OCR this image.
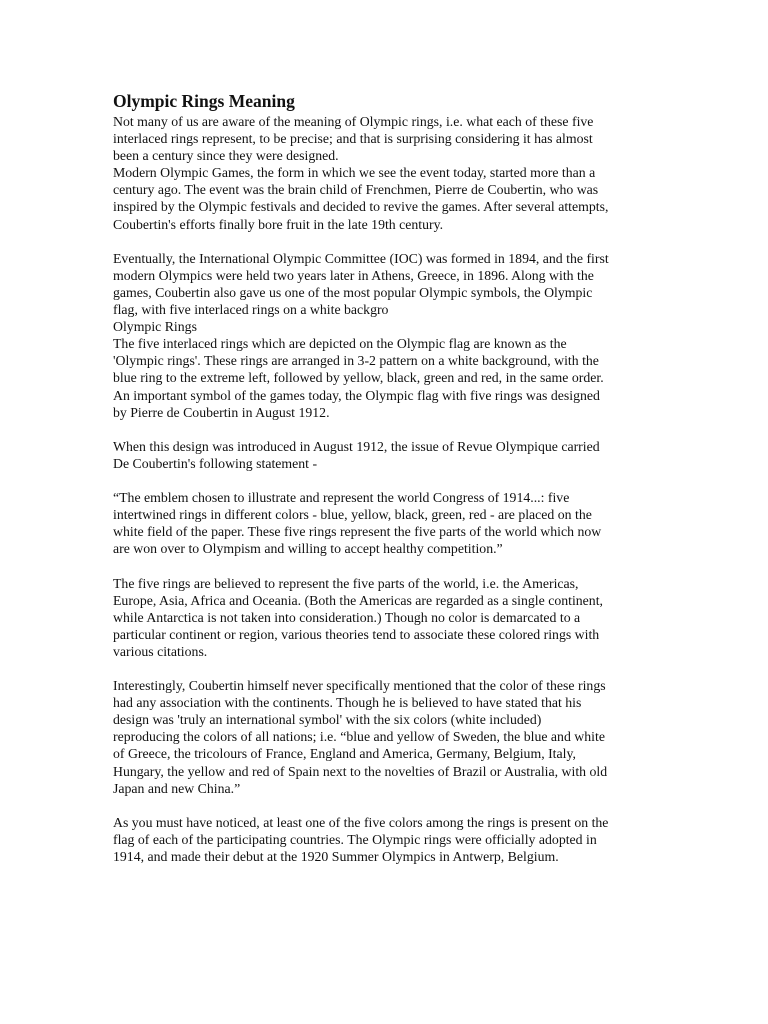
Olympic Rings Meaning

Not many of us are aware of the meaning of Olympic rings, i.e. what each of these five
interlaced rings represent, to be precise; and that is surprising considering it has almost
been a century since they were designed.

Modern Olympic Games, the form in which we see the event today, started more than a
century ago. The event was the brain child of Frenchmen, Pierre de Coubertin, who was
inspired by the Olympic festivals and decided to revive the games. After several attempts,
Coubertin's efforts finally bore fruit in the late 19th century.

Eventually, the International Olympic Committee (IOC) was formed in 1894, and the first
modern Olympics were held two years later in Athens, Greece, in 1896. Along with the
games, Coubertin also gave us one of the most popular Olympic symbols, the Olympic
flag, with five interlaced rings on a white backgro

Olympic Rings

The five interlaced rings which are depicted on the Olympic flag are known as the
'Olympic rings'. These rings are arranged in 3-2 pattern on a white background, with the
blue ring to the extreme left, followed by yellow, black, green and red, in the same order.
An important symbol of the games today, the Olympic flag with five rings was designed
by Pierre de Coubertin in August 1912.

When this design was introduced in August 1912, the issue of Revue Olympique carried
De Coubertin's following statement -

“The emblem chosen to illustrate and represent the world Congress of 1914...: five
intertwined rings in different colors - blue, yellow, black, green, red - are placed on the
white field of the paper. These five rings represent the five parts of the world which now
are won over to Olympism and willing to accept healthy competition.”

The five rings are believed to represent the five parts of the world, i.e. the Americas,
Europe, Asia, Africa and Oceania. (Both the Americas are regarded as a single continent,
while Antarctica is not taken into consideration.) Though no color is demarcated to a
particular continent or region, various theories tend to associate these colored rings with
various citations.

Interestingly, Coubertin himself never specifically mentioned that the color of these rings
had any association with the continents. Though he is believed to have stated that his
design was 'truly an international symbol' with the six colors (white included)
reproducing the colors of all nations; i.e. “blue and yellow of Sweden, the blue and white
of Greece, the tricolours of France, England and America, Germany, Belgium, Italy,
Hungary, the yellow and red of Spain next to the novelties of Brazil or Australia, with old
Japan and new China.”

As you must have noticed, at least one of the five colors among the rings is present on the
flag of each of the participating countries. The Olympic rings were officially adopted in
1914, and made their debut at the 1920 Summer Olympics in Antwerp, Belgium.
